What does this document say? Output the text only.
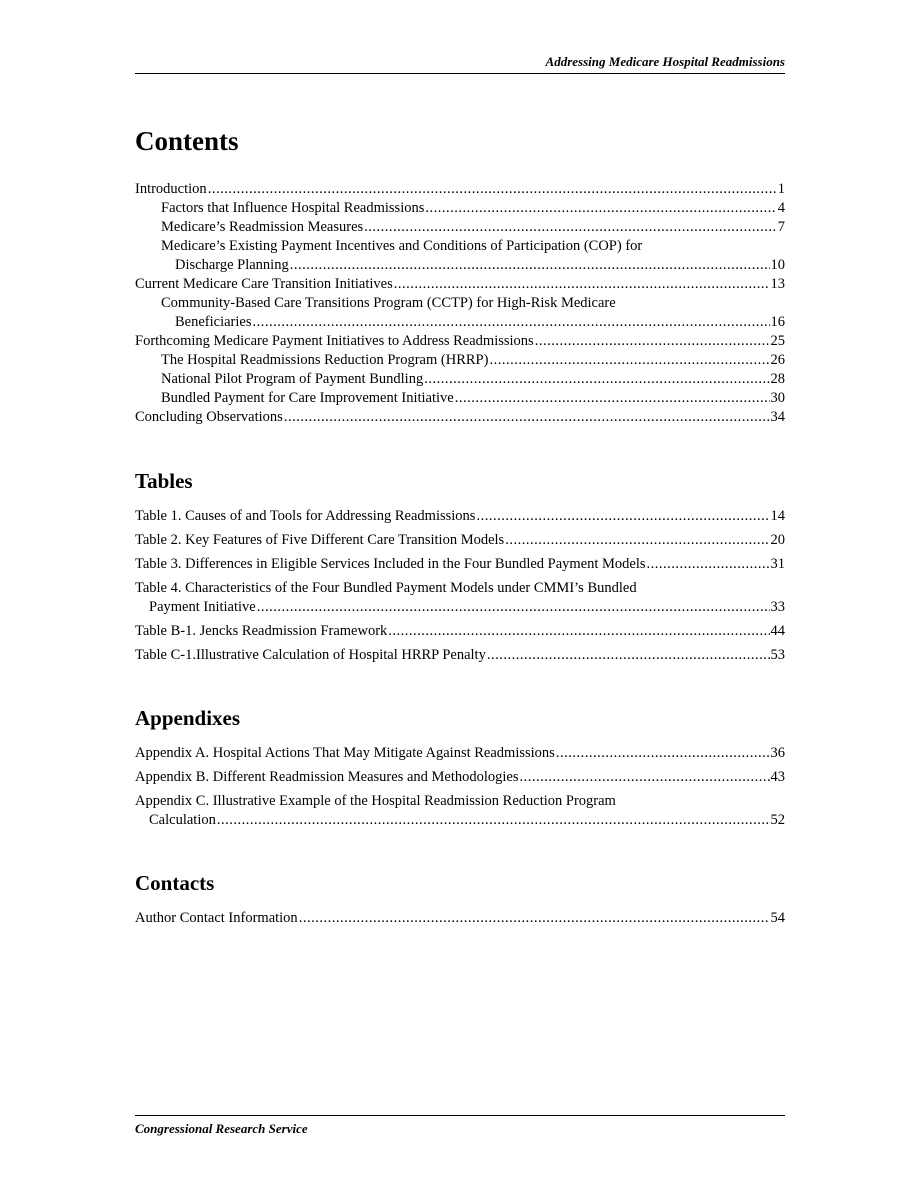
Addressing Medicare Hospital Readmissions
Contents
Introduction .....	1
Factors that Influence Hospital Readmissions .....	4
Medicare’s Readmission Measures .....	7
Medicare’s Existing Payment Incentives and Conditions of Participation (COP) for
Discharge Planning .....	10
Current Medicare Care Transition Initiatives .....	13
Community-Based Care Transitions Program (CCTP) for High-Risk Medicare
Beneficiaries .....	16
Forthcoming Medicare Payment Initiatives to Address Readmissions .....	25
The Hospital Readmissions Reduction Program (HRRP) .....	26
National Pilot Program of Payment Bundling .....	28
Bundled Payment for Care Improvement Initiative .....	30
Concluding Observations .....	34
Tables
Table 1. Causes of and Tools for Addressing Readmissions .....	14
Table 2. Key Features of Five Different Care Transition Models .....	20
Table 3. Differences in Eligible Services Included in the Four Bundled Payment Models .....	31
Table 4. Characteristics of the Four Bundled Payment Models under CMMI’s Bundled
Payment Initiative .....	33
Table B-1. Jencks Readmission Framework .....	44
Table C-1.Illustrative Calculation of Hospital HRRP Penalty .....	53
Appendixes
Appendix A. Hospital Actions That May Mitigate Against Readmissions .....	36
Appendix B. Different Readmission Measures and Methodologies .....	43
Appendix C. Illustrative Example of the Hospital Readmission Reduction Program
Calculation .....	52
Contacts
Author Contact Information .....	54
Congressional Research Service
